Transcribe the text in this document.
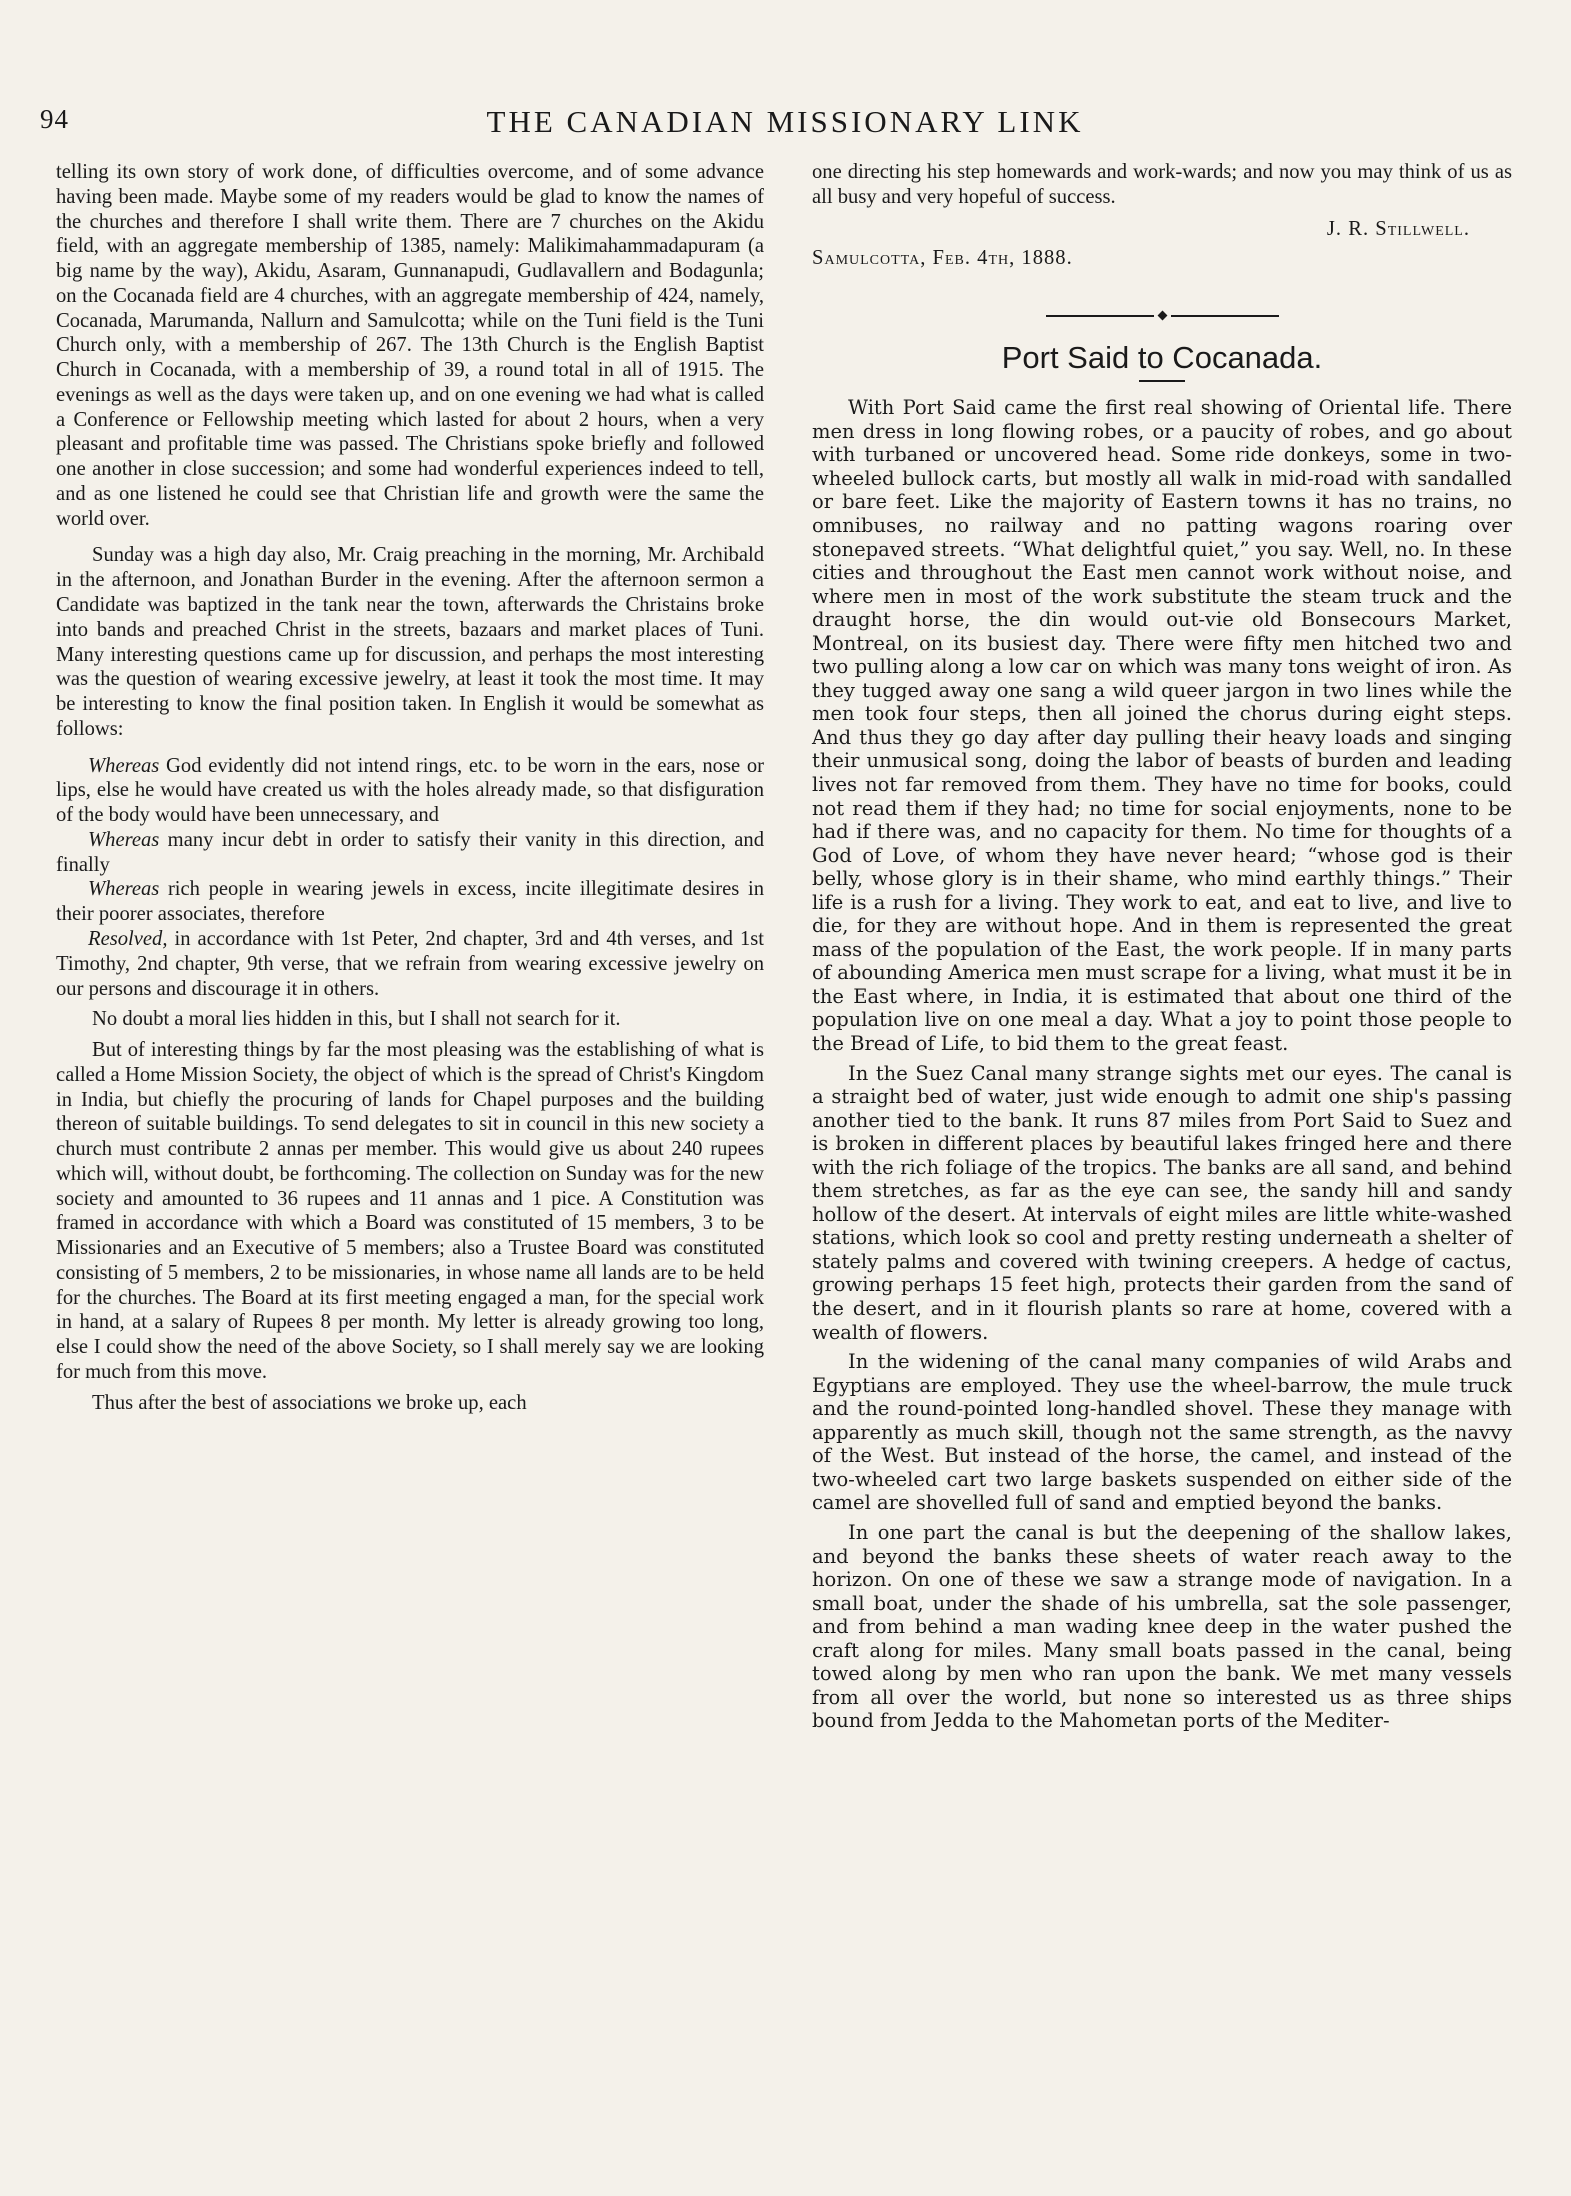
94	THE CANADIAN MISSIONARY LINK

telling its own story of work done, of difficulties overcome, and of some advance having been made. Maybe some of my readers would be glad to know the names of the churches and therefore I shall write them. There are 7 churches on the Akidu field, with an aggregate membership of 1385, namely: Malikimahammadapuram (a big name by the way), Akidu, Asaram, Gunnanapudi, Gudlavallern and Bodagunla; on the Cocanada field are 4 churches, with an aggregate membership of 424, namely, Cocanada, Marumanda, Nallurn and Samulcotta; while on the Tuni field is the Tuni Church only, with a membership of 267. The 13th Church is the English Baptist Church in Cocanada, with a membership of 39, a round total in all of 1915. The evenings as well as the days were taken up, and on one evening we had what is called a Conference or Fellowship meeting which lasted for about 2 hours, when a very pleasant and profitable time was passed. The Christians spoke briefly and followed one another in close succession; and some had wonderful experiences indeed to tell, and as one listened he could see that Christian life and growth were the same the world over.

Sunday was a high day also, Mr. Craig preaching in the morning, Mr. Archibald in the afternoon, and Jonathan Burder in the evening. After the afternoon sermon a Candidate was baptized in the tank near the town, afterwards the Christains broke into bands and preached Christ in the streets, bazaars and market places of Tuni. Many interesting questions came up for discussion, and perhaps the most interesting was the question of wearing excessive jewelry, at least it took the most time. It may be interesting to know the final position taken. In English it would be somewhat as follows:

Whereas God evidently did not intend rings, etc. to be worn in the ears, nose or lips, else he would have created us with the holes already made, so that disfiguration of the body would have been unnecessary, and

Whereas many incur debt in order to satisfy their vanity in this direction, and finally

Whereas rich people in wearing jewels in excess, incite illegitimate desires in their poorer associates, therefore

Resolved, in accordance with 1st Peter, 2nd chapter, 3rd and 4th verses, and 1st Timothy, 2nd chapter, 9th verse, that we refrain from wearing excessive jewelry on our persons and discourage it in others.

No doubt a moral lies hidden in this, but I shall not search for it.

But of interesting things by far the most pleasing was the establishing of what is called a Home Mission Society, the object of which is the spread of Christ's Kingdom in India, but chiefly the procuring of lands for Chapel purposes and the building thereon of suitable buildings. To send delegates to sit in council in this new society a church must contribute 2 annas per member. This would give us about 240 rupees which will, without doubt, be forthcoming. The collection on Sunday was for the new society and amounted to 36 rupees and 11 annas and 1 pice. A Constitution was framed in accordance with which a Board was constituted of 15 members, 3 to be Missionaries and an Executive of 5 members; also a Trustee Board was constituted consisting of 5 members, 2 to be missionaries, in whose name all lands are to be held for the churches. The Board at its first meeting engaged a man, for the special work in hand, at a salary of Rupees 8 per month. My letter is already growing too long, else I could show the need of the above Society, so I shall merely say we are looking for much from this move.

Thus after the best of associations we broke up, each

one directing his step homewards and work-wards; and now you may think of us as all busy and very hopeful of success.

J. R. Stillwell.

Samulcotta, Feb. 4th, 1888.

Port Said to Cocanada.

With Port Said came the first real showing of Oriental life. There men dress in long flowing robes, or a paucity of robes, and go about with turbaned or uncovered head. Some ride donkeys, some in two-wheeled bullock carts, but mostly all walk in mid-road with sandalled or bare feet. Like the majority of Eastern towns it has no trains, no omnibuses, no railway and no patting wagons roaring over stonepaved streets. “What delightful quiet,” you say. Well, no. In these cities and throughout the East men cannot work without noise, and where men in most of the work substitute the steam truck and the draught horse, the din would out-vie old Bonsecours Market, Montreal, on its busiest day. There were fifty men hitched two and two pulling along a low car on which was many tons weight of iron. As they tugged away one sang a wild queer jargon in two lines while the men took four steps, then all joined the chorus during eight steps. And thus they go day after day pulling their heavy loads and singing their unmusical song, doing the labor of beasts of burden and leading lives not far removed from them. They have no time for books, could not read them if they had; no time for social enjoyments, none to be had if there was, and no capacity for them. No time for thoughts of a God of Love, of whom they have never heard; “whose god is their belly, whose glory is in their shame, who mind earthly things.” Their life is a rush for a living. They work to eat, and eat to live, and live to die, for they are without hope. And in them is represented the great mass of the population of the East, the work people. If in many parts of abounding America men must scrape for a living, what must it be in the East where, in India, it is estimated that about one third of the population live on one meal a day. What a joy to point those people to the Bread of Life, to bid them to the great feast.

In the Suez Canal many strange sights met our eyes. The canal is a straight bed of water, just wide enough to admit one ship's passing another tied to the bank. It runs 87 miles from Port Said to Suez and is broken in different places by beautiful lakes fringed here and there with the rich foliage of the tropics. The banks are all sand, and behind them stretches, as far as the eye can see, the sandy hill and sandy hollow of the desert. At intervals of eight miles are little white-washed stations, which look so cool and pretty resting underneath a shelter of stately palms and covered with twining creepers. A hedge of cactus, growing perhaps 15 feet high, protects their garden from the sand of the desert, and in it flourish plants so rare at home, covered with a wealth of flowers.

In the widening of the canal many companies of wild Arabs and Egyptians are employed. They use the wheel-barrow, the mule truck and the round-pointed long-handled shovel. These they manage with apparently as much skill, though not the same strength, as the navvy of the West. But instead of the horse, the camel, and instead of the two-wheeled cart two large baskets suspended on either side of the camel are shovelled full of sand and emptied beyond the banks.

In one part the canal is but the deepening of the shallow lakes, and beyond the banks these sheets of water reach away to the horizon. On one of these we saw a strange mode of navigation. In a small boat, under the shade of his umbrella, sat the sole passenger, and from behind a man wading knee deep in the water pushed the craft along for miles. Many small boats passed in the canal, being towed along by men who ran upon the bank. We met many vessels from all over the world, but none so interested us as three ships bound from Jedda to the Mahometan ports of the Mediter-
